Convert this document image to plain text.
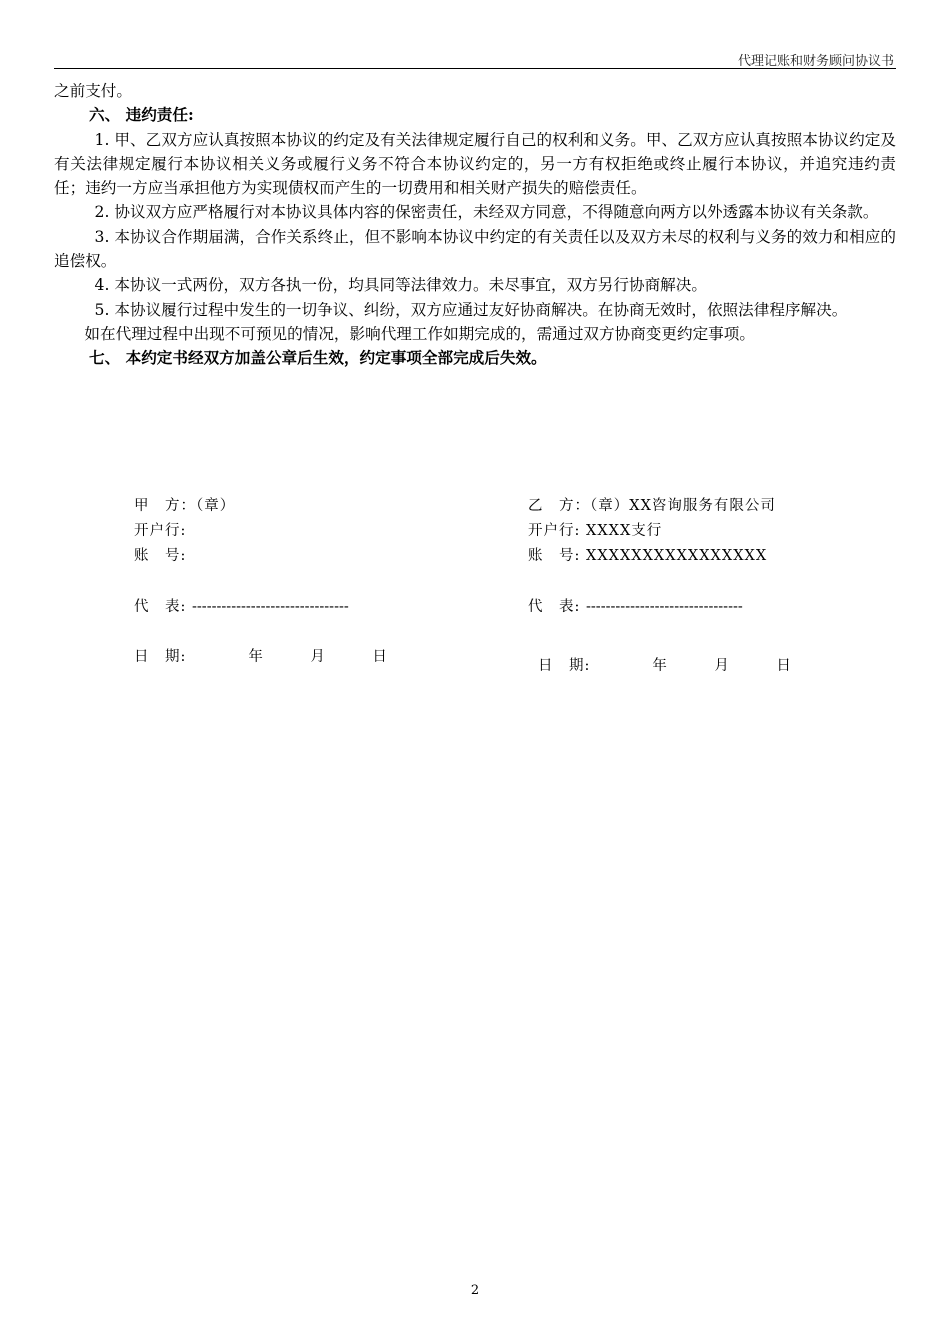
代理记账和财务顾问协议书

之前支付。

六、 违约责任:

1. 甲、乙双方应认真按照本协议的约定及有关法律规定履行自己的权利和义务。甲、乙双方应认真按照本协议约定及有关法律规定履行本协议相关义务或履行义务不符合本协议约定的，另一方有权拒绝或终止履行本协议，并追究违约责任；违约一方应当承担他方为实现债权而产生的一切费用和相关财产损失的赔偿责任。

2. 协议双方应严格履行对本协议具体内容的保密责任，未经双方同意，不得随意向两方以外透露本协议有关条款。

3. 本协议合作期届满，合作关系终止，但不影响本协议中约定的有关责任以及双方未尽的权利与义务的效力和相应的追偿权。

4. 本协议一式两份，双方各执一份，均具同等法律效力。未尽事宜，双方另行协商解决。

5. 本协议履行过程中发生的一切争议、纠纷，双方应通过友好协商解决。在协商无效时，依照法律程序解决。

如在代理过程中出现不可预见的情况，影响代理工作如期完成的，需通过双方协商变更约定事项。

七、 本约定书经双方加盖公章后生效，约定事项全部完成后失效。

甲　方：（章）
开户行:
账　号:
代　表: --------------------------------
日　期:　　　　年　　　月　　　日
乙　方：（章）XX咨询服务有限公司
开户行: XXXX支行
账　号: XXXXXXXXXXXXXXXX
代　表: --------------------------------
日　期:　　　　年　　　月　　　日
2
